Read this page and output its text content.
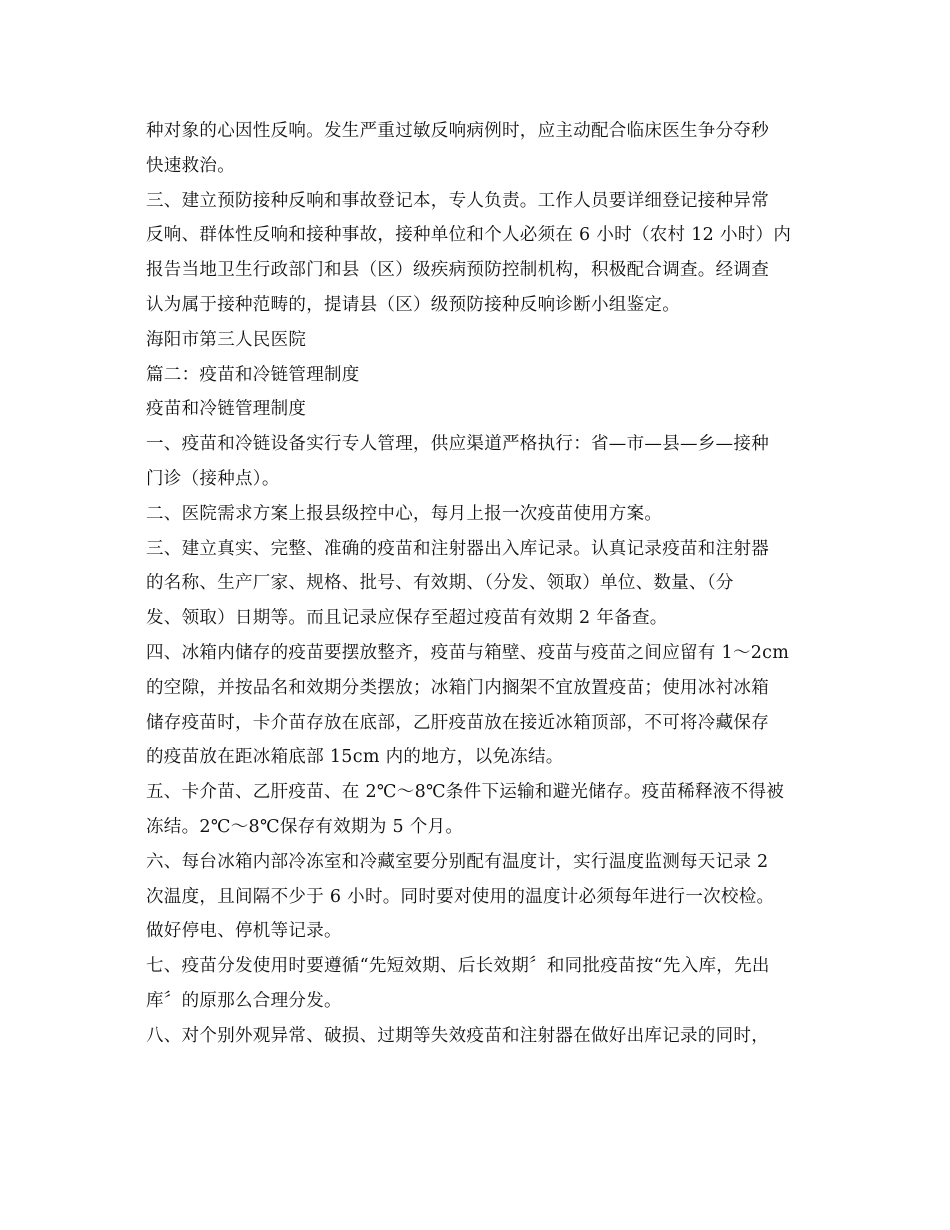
种对象的心因性反响。发生严重过敏反响病例时，应主动配合临床医生争分夺秒
快速救治。
三、建立预防接种反响和事故登记本，专人负责。工作人员要详细登记接种异常
反响、群体性反响和接种事故，接种单位和个人必须在 6 小时（农村 12 小时）内
报告当地卫生行政部门和县（区）级疾病预防控制机构，积极配合调查。经调查
认为属于接种范畴的，提请县（区）级预防接种反响诊断小组鉴定。
海阳市第三人民医院
篇二：疫苗和冷链管理制度
疫苗和冷链管理制度
一、疫苗和冷链设备实行专人管理，供应渠道严格执行：省—市—县—乡—接种
门诊（接种点）。
二、医院需求方案上报县级控中心，每月上报一次疫苗使用方案。
三、建立真实、完整、准确的疫苗和注射器出入库记录。认真记录疫苗和注射器
的名称、生产厂家、规格、批号、有效期、（分发、领取）单位、数量、（分
发、领取）日期等。而且记录应保存至超过疫苗有效期 2 年备查。
四、冰箱内储存的疫苗要摆放整齐，疫苗与箱壁、疫苗与疫苗之间应留有 1～2cm
的空隙，并按品名和效期分类摆放；冰箱门内搁架不宜放置疫苗；使用冰衬冰箱
储存疫苗时，卡介苗存放在底部，乙肝疫苗放在接近冰箱顶部，不可将冷藏保存
的疫苗放在距冰箱底部 15cm 内的地方，以免冻结。
五、卡介苗、乙肝疫苗、在 2℃～8℃条件下运输和避光储存。疫苗稀释液不得被
冻结。2℃～8℃保存有效期为 5 个月。
六、每台冰箱内部冷冻室和冷藏室要分别配有温度计，实行温度监测每天记录 2
次温度，且间隔不少于 6 小时。同时要对使用的温度计必须每年进行一次校检。
做好停电、停机等记录。
七、疫苗分发使用时要遵循“先短效期、后长效期〞和同批疫苗按“先入库，先出
库〞的原那么合理分发。
八、对个别外观异常、破损、过期等失效疫苗和注射器在做好出库记录的同时，
